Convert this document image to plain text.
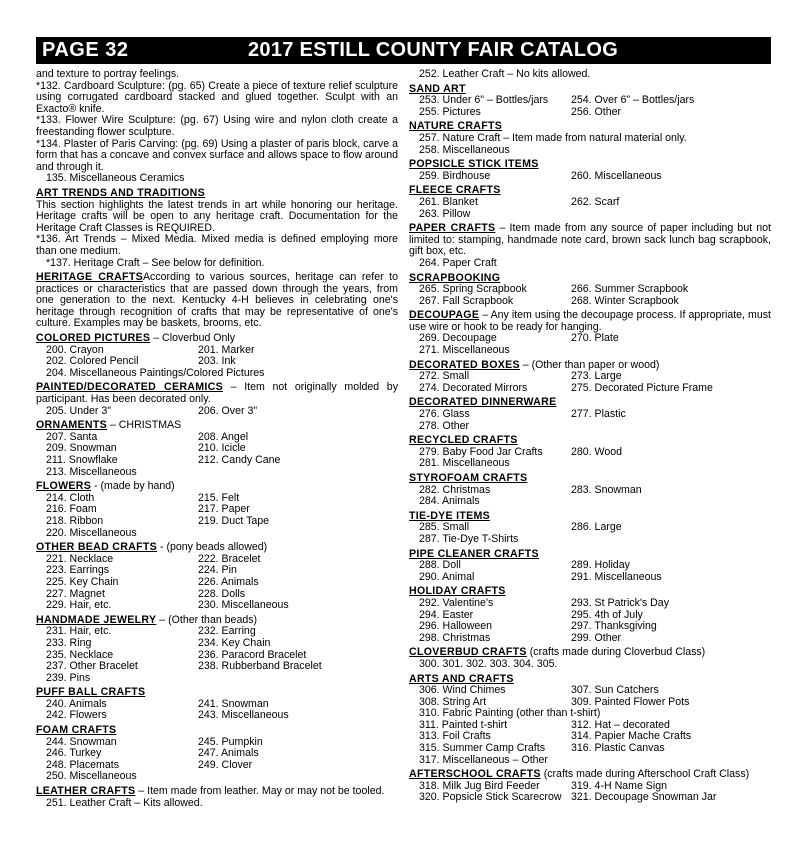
PAGE 32	2017 ESTILL COUNTY FAIR CATALOG

and texture to portray feelings.

*132. Cardboard Sculpture: (pg. 65) Create a piece of texture relief sculpture using corrugated cardboard stacked and glued together. Sculpt with an Exacto® knife.

*133. Flower Wire Sculpture: (pg. 67) Using wire and nylon cloth create a freestanding flower sculpture.

*134. Plaster of Paris Carving: (pg. 69) Using a plaster of paris block, carve a form that has a concave and convex surface and allows space to flow around and through it.

135. Miscellaneous Ceramics
ART TRENDS AND TRADITIONS

This section highlights the latest trends in art while honoring our heritage. Heritage crafts will be open to any heritage craft. Documentation for the Heritage Craft Classes is REQUIRED.

*136. Art Trends – Mixed Media. Mixed media is defined employing more than one medium.

*137. Heritage Craft – See below for definition.
HERITAGE CRAFTSAccording to various sources, heritage can refer to practices or characteristics that are passed down through the years, from one generation to the next. Kentucky 4-H believes in celebrating one's heritage through recognition of crafts that may be representative of one's culture. Examples may be baskets, brooms, etc.
COLORED PICTURES – Cloverbud Only
200. Crayon	201. Marker
202. Colored Pencil	203. Ink
204. Miscellaneous Paintings/Colored Pictures
PAINTED/DECORATED CERAMICS – Item not originally molded by participant. Has been decorated only.
205. Under 3"	206. Over 3"
ORNAMENTS – CHRISTMAS
207. Santa	208. Angel
209. Snowman	210. Icicle
211. Snowflake	212. Candy Cane
213. Miscellaneous
FLOWERS - (made by hand)
214. Cloth	215. Felt
216. Foam	217. Paper
218. Ribbon	219. Duct Tape
220. Miscellaneous
OTHER BEAD CRAFTS - (pony beads allowed)
221. Necklace	222. Bracelet
223. Earrings	224. Pin
225. Key Chain	226. Animals
227. Magnet	228. Dolls
229. Hair, etc.	230. Miscellaneous
HANDMADE JEWELRY – (Other than beads)
231. Hair, etc.	232. Earring
233. Ring	234. Key Chain
235. Necklace	236. Paracord Bracelet
237. Other Bracelet	238. Rubberband Bracelet
239. Pins
PUFF BALL CRAFTS
240. Animals	241. Snowman
242. Flowers	243. Miscellaneous
FOAM CRAFTS
244. Snowman	245. Pumpkin
246. Turkey	247. Animals
248. Placemats	249. Clover
250. Miscellaneous
LEATHER CRAFTS – Item made from leather. May or may not be tooled.
251. Leather Craft – Kits allowed.
252. Leather Craft – No kits allowed.
SAND ART
253. Under 6" – Bottles/jars	254. Over 6" – Bottles/jars
255. Pictures	256. Other
NATURE CRAFTS
257. Nature Craft – Item made from natural material only.
258. Miscellaneous
POPSICLE STICK ITEMS
259. Birdhouse	260. Miscellaneous
FLEECE CRAFTS
261. Blanket	262. Scarf
263. Pillow
PAPER CRAFTS – Item made from any source of paper including but not limited to: stamping, handmade note card, brown sack lunch bag scrapbook, gift box, etc.
264. Paper Craft
SCRAPBOOKING
265. Spring Scrapbook	266. Summer Scrapbook
267. Fall Scrapbook	268. Winter Scrapbook
DECOUPAGE – Any item using the decoupage process. If appropriate, must use wire or hook to be ready for hanging.
269. Decoupage	270. Plate
271. Miscellaneous
DECORATED BOXES – (Other than paper or wood)
272. Small	273. Large
274. Decorated Mirrors	275. Decorated Picture Frame
DECORATED DINNERWARE
276. Glass	277. Plastic
278. Other
RECYCLED CRAFTS
279. Baby Food Jar Crafts	280. Wood
281. Miscellaneous
STYROFOAM CRAFTS
282. Christmas	283. Snowman
284. Animals
TIE-DYE ITEMS
285. Small	286. Large
287. Tie-Dye T-Shirts
PIPE CLEANER CRAFTS
288. Doll	289. Holiday
290. Animal	291. Miscellaneous
HOLIDAY CRAFTS
292. Valentine's	293. St Patrick's Day
294. Easter	295. 4th of July
296. Halloween	297. Thanksgiving
298. Christmas	299. Other
CLOVERBUD CRAFTS (crafts made during Cloverbud Class)
300. 301. 302. 303. 304. 305.
ARTS AND CRAFTS
306. Wind Chimes	307. Sun Catchers
308. String Art	309. Painted Flower Pots
310. Fabric Painting (other than t-shirt)
311. Painted t-shirt	312. Hat – decorated
313. Foil Crafts	314. Papier Mache Crafts
315. Summer Camp Crafts	316. Plastic Canvas
317. Miscellaneous – Other
AFTERSCHOOL CRAFTS (crafts made during Afterschool Craft Class)
318. Milk Jug Bird Feeder	319. 4-H Name Sign
320. Popsicle Stick Scarecrow 321. Decoupage Snowman Jar
